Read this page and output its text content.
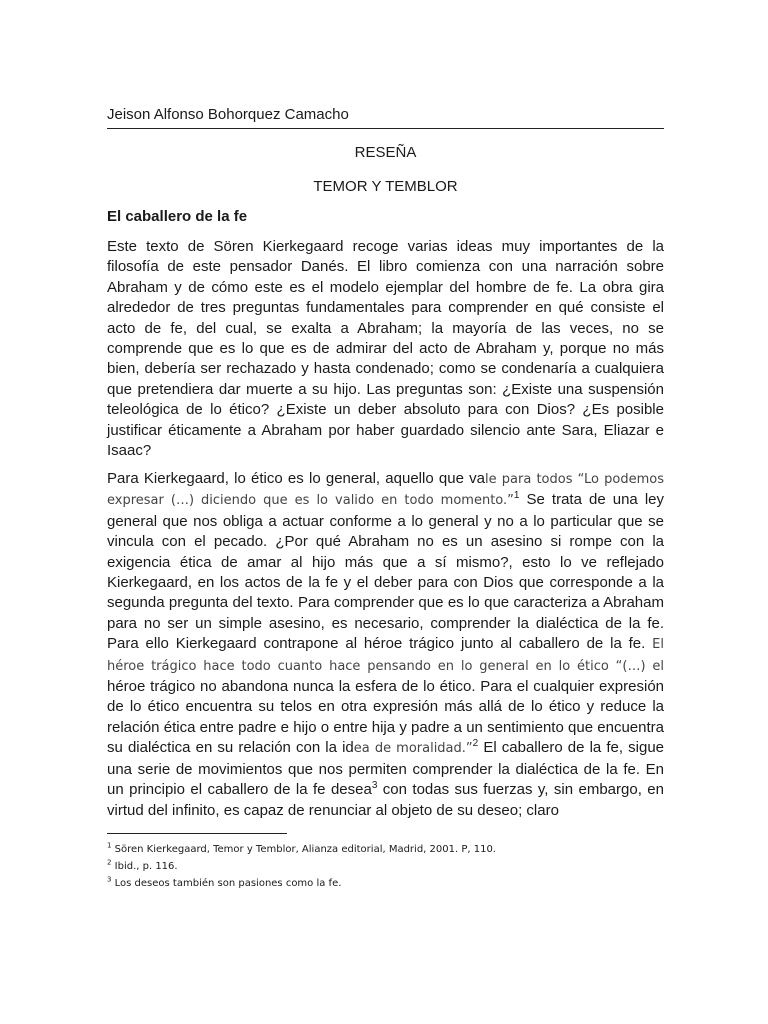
Jeison Alfonso Bohorquez Camacho
RESEÑA
TEMOR Y TEMBLOR
El caballero de la fe

Este texto de Sören Kierkegaard recoge varias ideas muy importantes de la filosofía de este pensador Danés. El libro comienza con una narración sobre Abraham y de cómo este es el modelo ejemplar del hombre de fe. La obra gira alrededor de tres preguntas fundamentales para comprender en qué consiste el acto de fe, del cual, se exalta a Abraham; la mayoría de las veces, no se comprende que es lo que es de admirar del acto de Abraham y, porque no más bien, debería ser rechazado y hasta condenado; como se condenaría a cualquiera que pretendiera dar muerte a su hijo. Las preguntas son: ¿Existe una suspensión teleológica de lo ético? ¿Existe un deber absoluto para con Dios? ¿Es posible justificar éticamente a Abraham por haber guardado silencio ante Sara, Eliazar e Isaac?

Para Kierkegaard, lo ético es lo general, aquello que vale para todos “Lo podemos expresar (…) diciendo que es lo valido en todo momento.”$^1$ Se trata de una ley general que nos obliga a actuar conforme a lo general y no a lo particular que se vincula con el pecado. ¿Por qué Abraham no es un asesino si rompe con la exigencia ética de amar al hijo más que a sí mismo?, esto lo ve reflejado Kierkegaard, en los actos de la fe y el deber para con Dios que corresponde a la segunda pregunta del texto. Para comprender que es lo que caracteriza a Abraham para no ser un simple asesino, es necesario, comprender la dialéctica de la fe. Para ello Kierkegaard contrapone al héroe trágico junto al caballero de la fe. El héroe trágico hace todo cuanto hace pensando en lo general en lo ético “(…) el héroe trágico no abandona nunca la esfera de lo ético. Para el cualquier expresión de lo ético encuentra su telos en otra expresión más allá de lo ético y reduce la relación ética entre padre e hijo o entre hija y padre a un sentimiento que encuentra su dialéctica en su relación con la idea de moralidad.”$^2$ El caballero de la fe, sigue una serie de movimientos que nos permiten comprender la dialéctica de la fe. En un principio el caballero de la fe desea$^3$ con todas sus fuerzas y, sin embargo, en virtud del infinito, es capaz de renunciar al objeto de su deseo; claro

$^1$ Sören Kierkegaard, Temor y Temblor, Alianza editorial, Madrid, 2001. P, 110.
$^2$ Ibid., p. 116.
$^3$ Los deseos también son pasiones como la fe.
